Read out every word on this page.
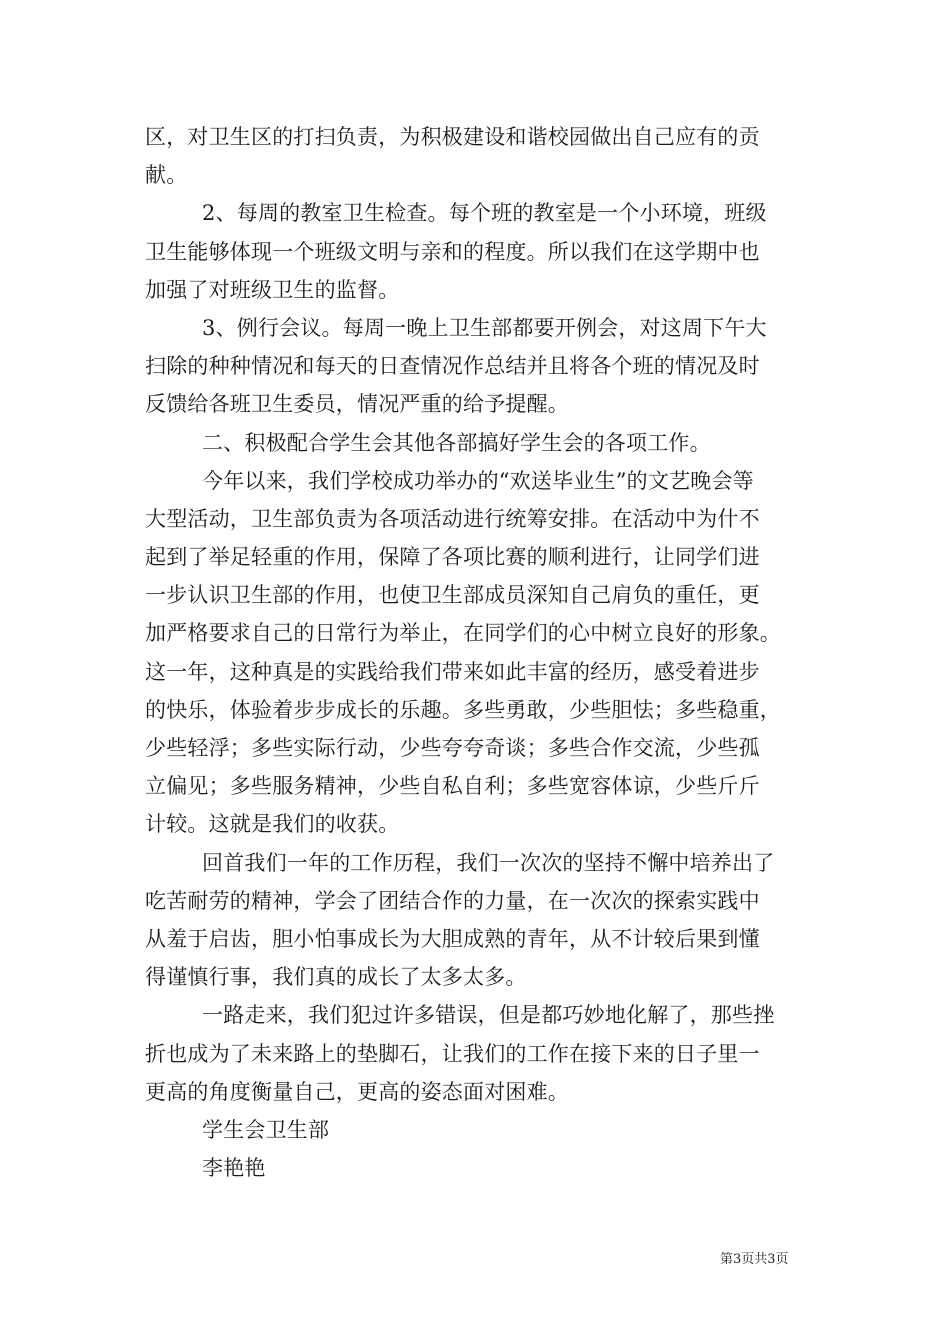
区，对卫生区的打扫负责，为积极建设和谐校园做出自己应有的贡
献。
2、每周的教室卫生检查。每个班的教室是一个小环境，班级
卫生能够体现一个班级文明与亲和的程度。所以我们在这学期中也
加强了对班级卫生的监督。
3、例行会议。每周一晚上卫生部都要开例会，对这周下午大
扫除的种种情况和每天的日查情况作总结并且将各个班的情况及时
反馈给各班卫生委员，情况严重的给予提醒。
二、积极配合学生会其他各部搞好学生会的各项工作。
今年以来，我们学校成功举办的“欢送毕业生”的文艺晚会等
大型活动，卫生部负责为各项活动进行统筹安排。在活动中为什不
起到了举足轻重的作用，保障了各项比赛的顺利进行，让同学们进
一步认识卫生部的作用，也使卫生部成员深知自己肩负的重任，更
加严格要求自己的日常行为举止，在同学们的心中树立良好的形象。
这一年，这种真是的实践给我们带来如此丰富的经历，感受着进步
的快乐，体验着步步成长的乐趣。多些勇敢，少些胆怯；多些稳重，
少些轻浮；多些实际行动，少些夸夸奇谈；多些合作交流，少些孤
立偏见；多些服务精神，少些自私自利；多些宽容体谅，少些斤斤
计较。这就是我们的收获。
回首我们一年的工作历程，我们一次次的坚持不懈中培养出了
吃苦耐劳的精神，学会了团结合作的力量，在一次次的探索实践中
从羞于启齿，胆小怕事成长为大胆成熟的青年，从不计较后果到懂
得谨慎行事，我们真的成长了太多太多。
一路走来，我们犯过许多错误，但是都巧妙地化解了，那些挫
折也成为了未来路上的垫脚石，让我们的工作在接下来的日子里一
更高的角度衡量自己，更高的姿态面对困难。
学生会卫生部
李艳艳
第3页共3页
